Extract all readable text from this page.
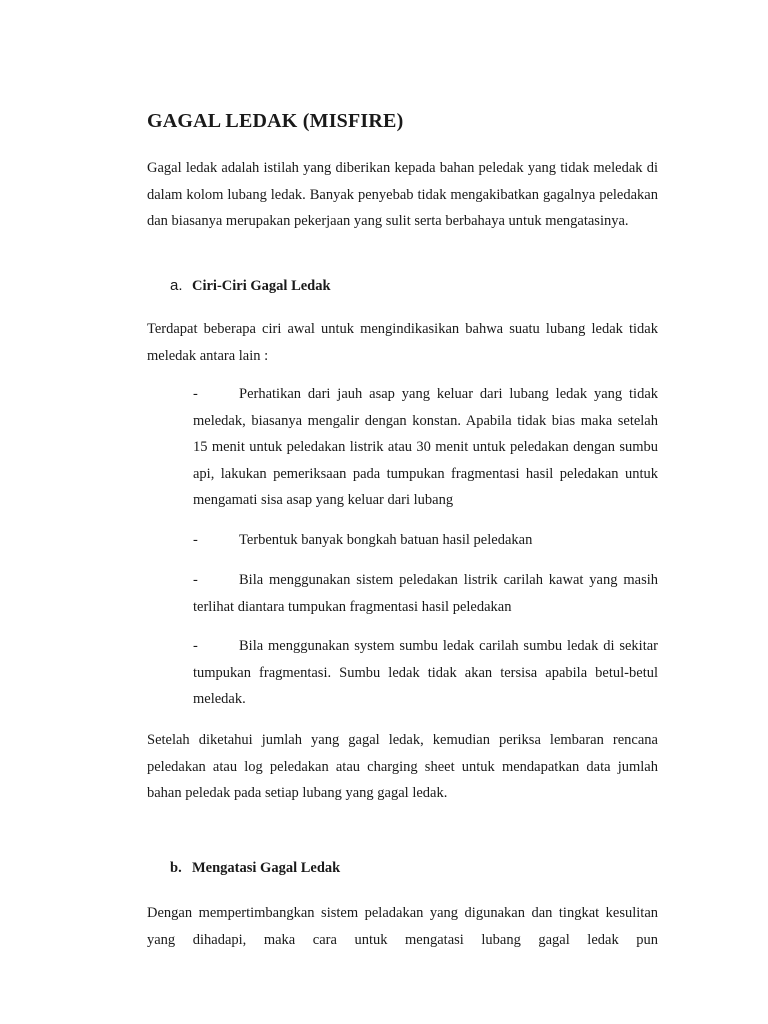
GAGAL LEDAK (MISFIRE)

Gagal ledak adalah istilah yang diberikan kepada bahan peledak yang tidak meledak di dalam kolom lubang ledak. Banyak penyebab tidak mengakibatkan gagalnya peledakan dan biasanya merupakan pekerjaan yang sulit serta berbahaya untuk mengatasinya.

a. Ciri-Ciri Gagal Ledak

Terdapat beberapa ciri awal untuk mengindikasikan bahwa suatu lubang ledak tidak meledak antara lain :

-	Perhatikan dari jauh asap yang keluar dari lubang ledak yang tidak meledak, biasanya mengalir dengan konstan. Apabila tidak bias maka setelah 15 menit untuk peledakan listrik atau 30 menit untuk peledakan dengan sumbu api, lakukan pemeriksaan pada tumpukan fragmentasi hasil peledakan untuk mengamati sisa asap yang keluar dari lubang

-	Terbentuk banyak bongkah batuan hasil peledakan

-	Bila menggunakan sistem peledakan listrik carilah kawat yang masih terlihat diantara tumpukan fragmentasi hasil peledakan

-	Bila menggunakan system sumbu ledak carilah sumbu ledak di sekitar tumpukan fragmentasi. Sumbu ledak tidak akan tersisa apabila betul-betul meledak.

Setelah diketahui jumlah yang gagal ledak, kemudian periksa lembaran rencana peledakan atau log peledakan atau charging sheet untuk mendapatkan data jumlah bahan peledak pada setiap lubang yang gagal ledak.

b. Mengatasi Gagal Ledak

Dengan mempertimbangkan sistem peladakan yang digunakan dan tingkat kesulitan yang dihadapi, maka cara untuk mengatasi lubang gagal ledak pun
